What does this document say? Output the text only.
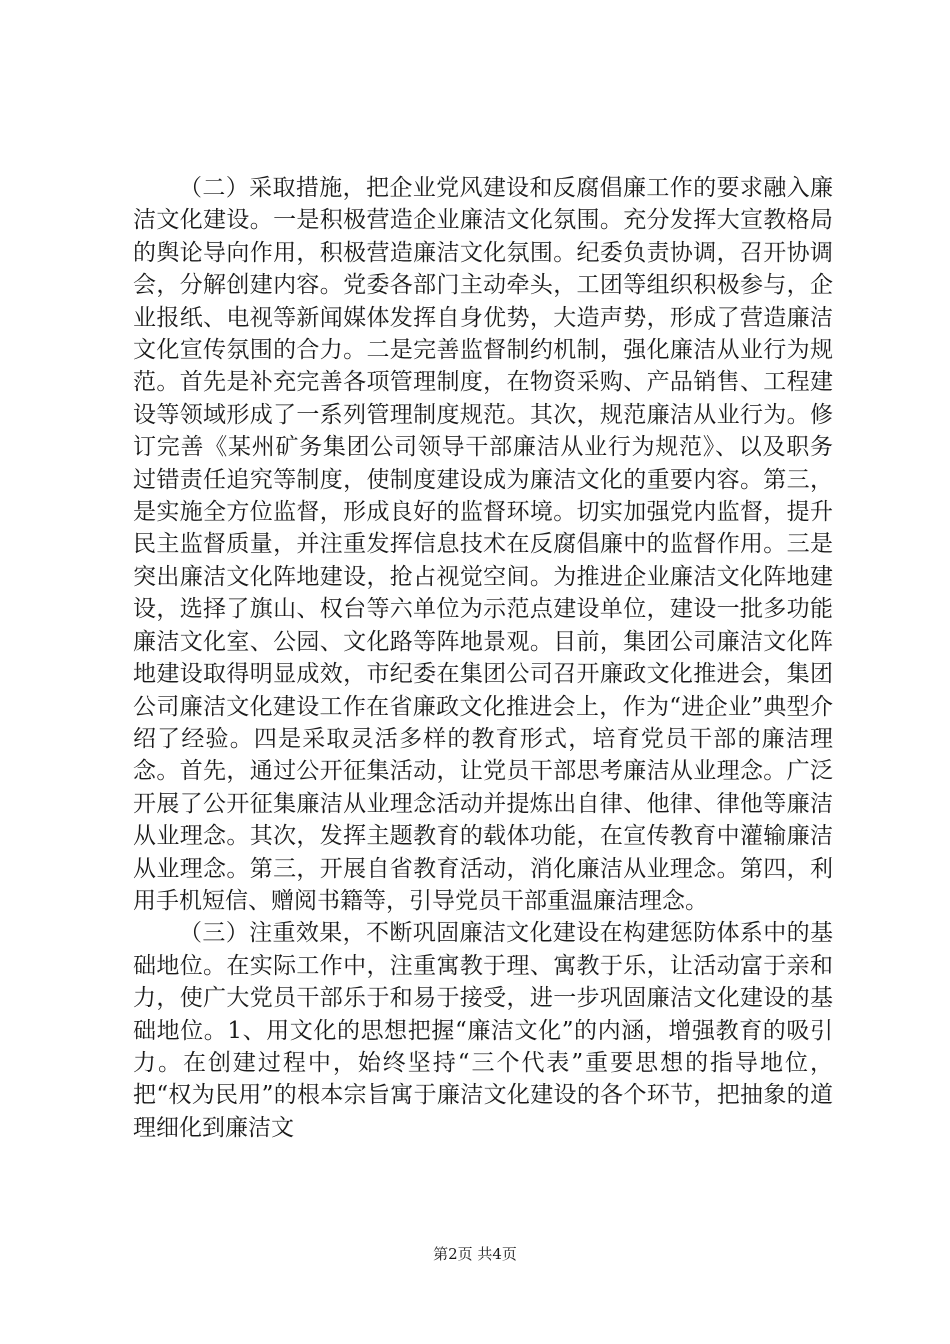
（二）采取措施，把企业党风建设和反腐倡廉工作的要求融入廉洁文化建设。一是积极营造企业廉洁文化氛围。充分发挥大宣教格局的舆论导向作用，积极营造廉洁文化氛围。纪委负责协调，召开协调会，分解创建内容。党委各部门主动牵头，工团等组织积极参与，企业报纸、电视等新闻媒体发挥自身优势，大造声势，形成了营造廉洁文化宣传氛围的合力。二是完善监督制约机制，强化廉洁从业行为规范。首先是补充完善各项管理制度，在物资采购、产品销售、工程建设等领域形成了一系列管理制度规范。其次，规范廉洁从业行为。修订完善《某州矿务集团公司领导干部廉洁从业行为规范》、以及职务过错责任追究等制度，使制度建设成为廉洁文化的重要内容。第三，是实施全方位监督，形成良好的监督环境。切实加强党内监督，提升民主监督质量，并注重发挥信息技术在反腐倡廉中的监督作用。三是突出廉洁文化阵地建设，抢占视觉空间。为推进企业廉洁文化阵地建设，选择了旗山、权台等六单位为示范点建设单位，建设一批多功能廉洁文化室、公园、文化路等阵地景观。目前，集团公司廉洁文化阵地建设取得明显成效，市纪委在集团公司召开廉政文化推进会，集团公司廉洁文化建设工作在省廉政文化推进会上，作为“进企业”典型介绍了经验。四是采取灵活多样的教育形式，培育党员干部的廉洁理念。首先，通过公开征集活动，让党员干部思考廉洁从业理念。广泛开展了公开征集廉洁从业理念活动并提炼出自律、他律、律他等廉洁从业理念。其次，发挥主题教育的载体功能，在宣传教育中灌输廉洁从业理念。第三，开展自省教育活动，消化廉洁从业理念。第四，利用手机短信、赠阅书籍等，引导党员干部重温廉洁理念。

（三）注重效果，不断巩固廉洁文化建设在构建惩防体系中的基础地位。在实际工作中，注重寓教于理、寓教于乐，让活动富于亲和力，使广大党员干部乐于和易于接受，进一步巩固廉洁文化建设的基础地位。1、用文化的思想把握“廉洁文化”的内涵，增强教育的吸引力。在创建过程中，始终坚持“三个代表”重要思想的指导地位，把“权为民用”的根本宗旨寓于廉洁文化建设的各个环节，把抽象的道理细化到廉洁文

第2页 共4页
